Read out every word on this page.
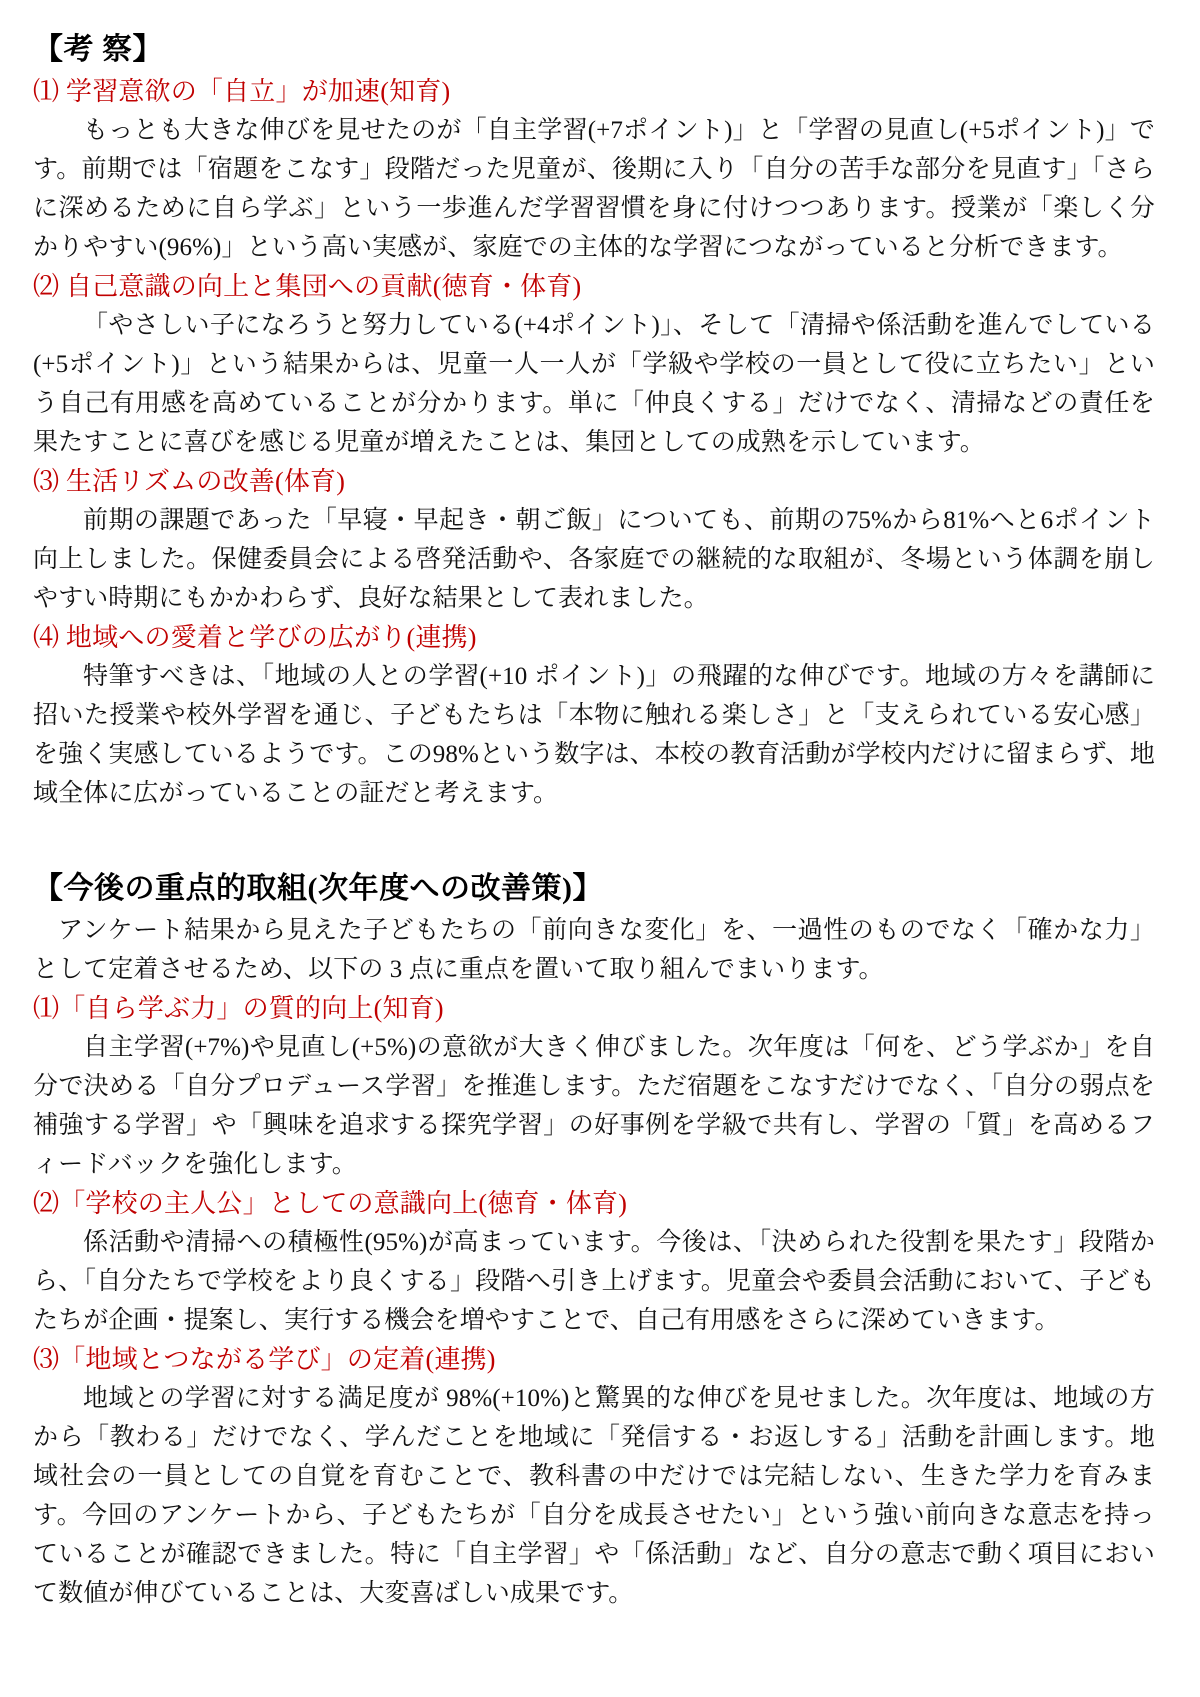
【考 察】
⑴ 学習意欲の「自立」が加速(知育)

もっとも大きな伸びを見せたのが「自主学習(+7ポイント)」と「学習の見直し(+5ポイント)」です。前期では「宿題をこなす」段階だった児童が、後期に入り「自分の苦手な部分を見直す」「さらに深めるために自ら学ぶ」という一歩進んだ学習習慣を身に付けつつあります。授業が「楽しく分かりやすい(96%)」という高い実感が、家庭での主体的な学習につながっていると分析できます。

⑵ 自己意識の向上と集団への貢献(徳育・体育)

「やさしい子になろうと努力している(+4ポイント)」、そして「清掃や係活動を進んでしている(+5ポイント)」という結果からは、児童一人一人が「学級や学校の一員として役に立ちたい」という自己有用感を高めていることが分かります。単に「仲良くする」だけでなく、清掃などの責任を果たすことに喜びを感じる児童が増えたことは、集団としての成熟を示しています。

⑶ 生活リズムの改善(体育)

前期の課題であった「早寝・早起き・朝ご飯」についても、前期の75%から81%へと6ポイント向上しました。保健委員会による啓発活動や、各家庭での継続的な取組が、冬場という体調を崩しやすい時期にもかかわらず、良好な結果として表れました。

⑷ 地域への愛着と学びの広がり(連携)

特筆すべきは、「地域の人との学習(+10 ポイント)」の飛躍的な伸びです。地域の方々を講師に招いた授業や校外学習を通じ、子どもたちは「本物に触れる楽しさ」と「支えられている安心感」を強く実感しているようです。この98%という数字は、本校の教育活動が学校内だけに留まらず、地域全体に広がっていることの証だと考えます。

【今後の重点的取組(次年度への改善策)】

アンケート結果から見えた子どもたちの「前向きな変化」を、一過性のものでなく「確かな力」として定着させるため、以下の 3 点に重点を置いて取り組んでまいります。

⑴「自ら学ぶ力」の質的向上(知育)

自主学習(+7%)や見直し(+5%)の意欲が大きく伸びました。次年度は「何を、どう学ぶか」を自分で決める「自分プロデュース学習」を推進します。ただ宿題をこなすだけでなく、「自分の弱点を補強する学習」や「興味を追求する探究学習」の好事例を学級で共有し、学習の「質」を高めるフィードバックを強化します。

⑵「学校の主人公」としての意識向上(徳育・体育)

係活動や清掃への積極性(95%)が高まっています。今後は、「決められた役割を果たす」段階から、「自分たちで学校をより良くする」段階へ引き上げます。児童会や委員会活動において、子どもたちが企画・提案し、実行する機会を増やすことで、自己有用感をさらに深めていきます。

⑶「地域とつながる学び」の定着(連携)

地域との学習に対する満足度が 98%(+10%)と驚異的な伸びを見せました。次年度は、地域の方から「教わる」だけでなく、学んだことを地域に「発信する・お返しする」活動を計画します。地域社会の一員としての自覚を育むことで、教科書の中だけでは完結しない、生きた学力を育みます。今回のアンケートから、子どもたちが「自分を成長させたい」という強い前向きな意志を持っていることが確認できました。特に「自主学習」や「係活動」など、自分の意志で動く項目において数値が伸びていることは、大変喜ばしい成果です。
